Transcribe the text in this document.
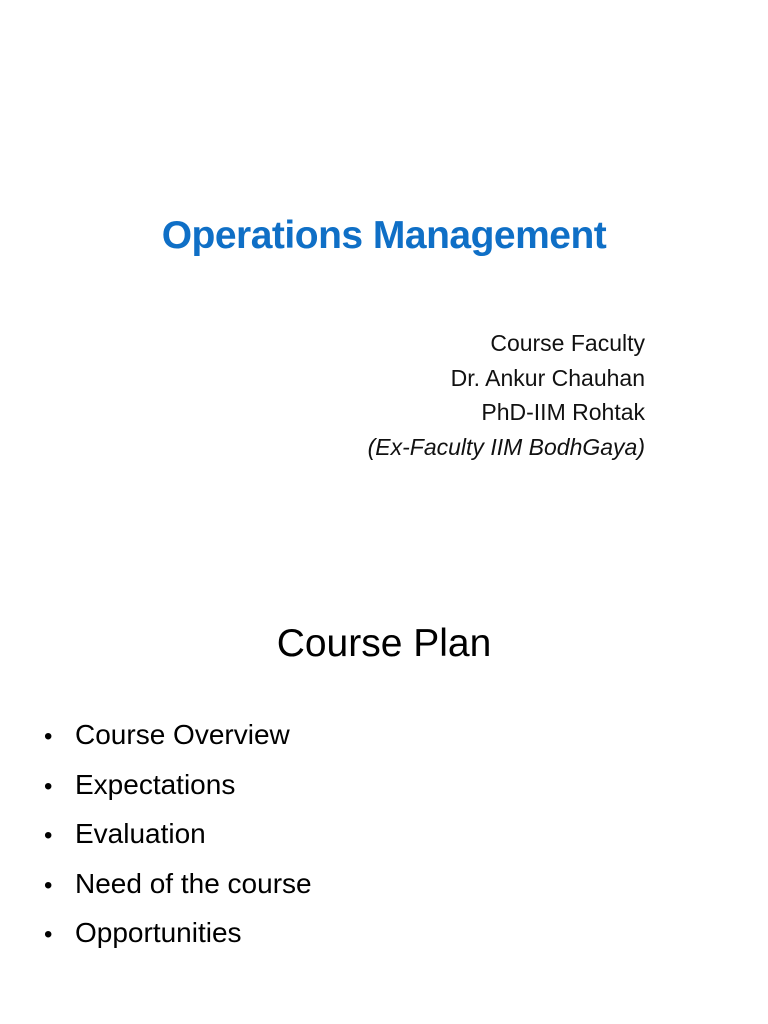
Operations Management
Course Faculty
Dr. Ankur Chauhan
PhD-IIM Rohtak
(Ex-Faculty IIM BodhGaya)
Course Plan
• Course Overview
• Expectations
• Evaluation
• Need of the course
• Opportunities
